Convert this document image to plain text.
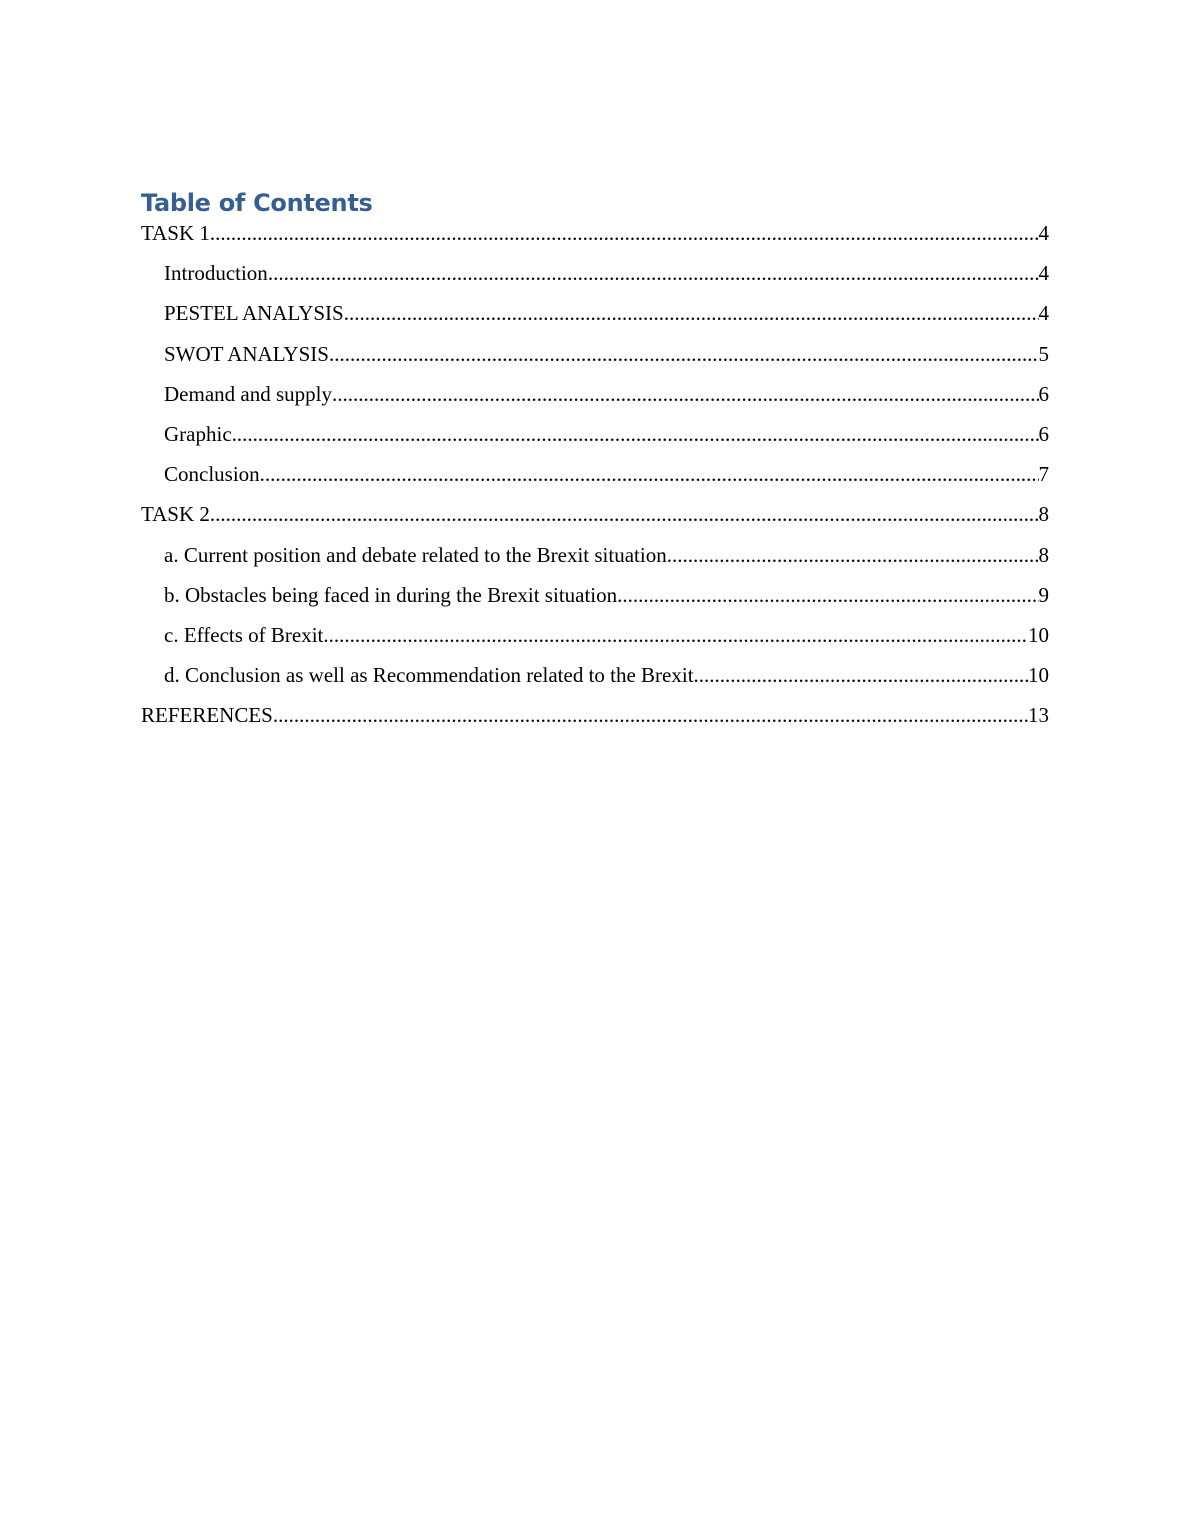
Table of Contents
TASK 1 .....	4
Introduction .....	4
PESTEL ANALYSIS .....	4
SWOT ANALYSIS .....	5
Demand and supply .....	6
Graphic .....	6
Conclusion .....	7
TASK 2 .....	8
a. Current position and debate related to the Brexit situation .....	8
b. Obstacles being faced in during the Brexit situation .....	9
c. Effects of Brexit .....	10
d. Conclusion as well as Recommendation related to the Brexit .....	10
REFERENCES .....	13
